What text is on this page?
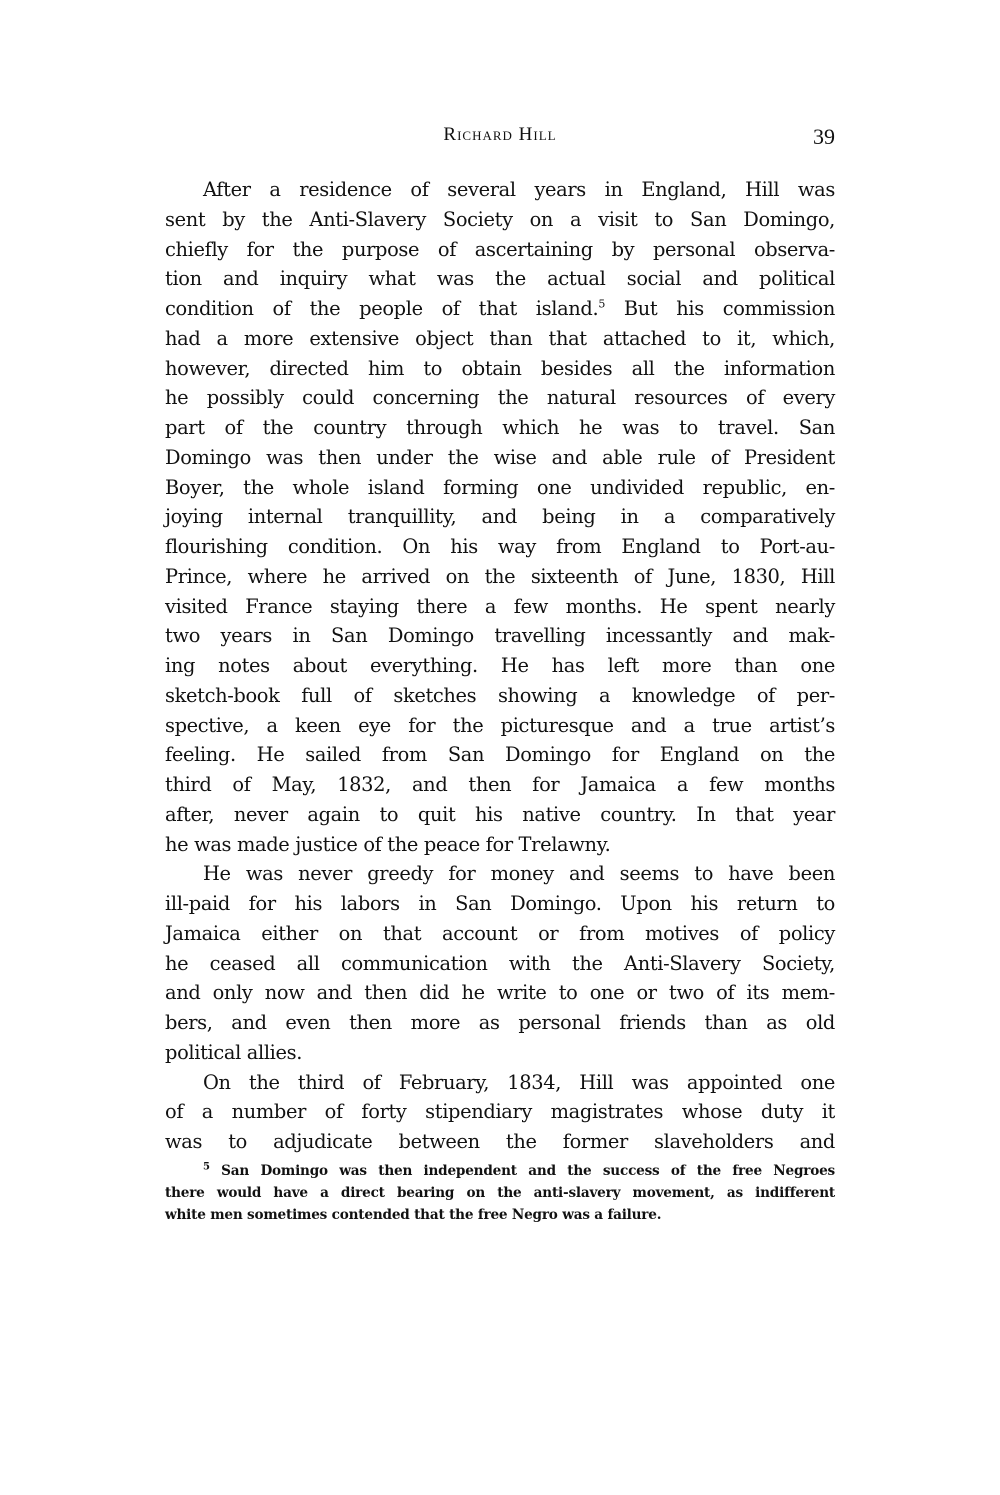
Richard Hill	39
After a residence of several years in England, Hill was
sent by the Anti-Slavery Society on a visit to San Domingo,
chiefly for the purpose of ascertaining by personal observa-
tion and inquiry what was the actual social and political
condition of the people of that island.$^5$ But his commission
had a more extensive object than that attached to it, which,
however, directed him to obtain besides all the information
he possibly could concerning the natural resources of every
part of the country through which he was to travel. San
Domingo was then under the wise and able rule of President
Boyer, the whole island forming one undivided republic, en-
joying internal tranquillity, and being in a comparatively
flourishing condition. On his way from England to Port-au-
Prince, where he arrived on the sixteenth of June, 1830, Hill
visited France staying there a few months. He spent nearly
two years in San Domingo travelling incessantly and mak-
ing notes about everything. He has left more than one
sketch-book full of sketches showing a knowledge of per-
spective, a keen eye for the picturesque and a true artist’s
feeling. He sailed from San Domingo for England on the
third of May, 1832, and then for Jamaica a few months
after, never again to quit his native country. In that year
he was made justice of the peace for Trelawny.
He was never greedy for money and seems to have been
ill-paid for his labors in San Domingo. Upon his return to
Jamaica either on that account or from motives of policy
he ceased all communication with the Anti-Slavery Society,
and only now and then did he write to one or two of its mem-
bers, and even then more as personal friends than as old
political allies.
On the third of February, 1834, Hill was appointed one
of a number of forty stipendiary magistrates whose duty it
was to adjudicate between the former slaveholders and
$^5$ San Domingo was then independent and the success of the free Negroes
there would have a direct bearing on the anti-slavery movement, as indifferent
white men sometimes contended that the free Negro was a failure.
